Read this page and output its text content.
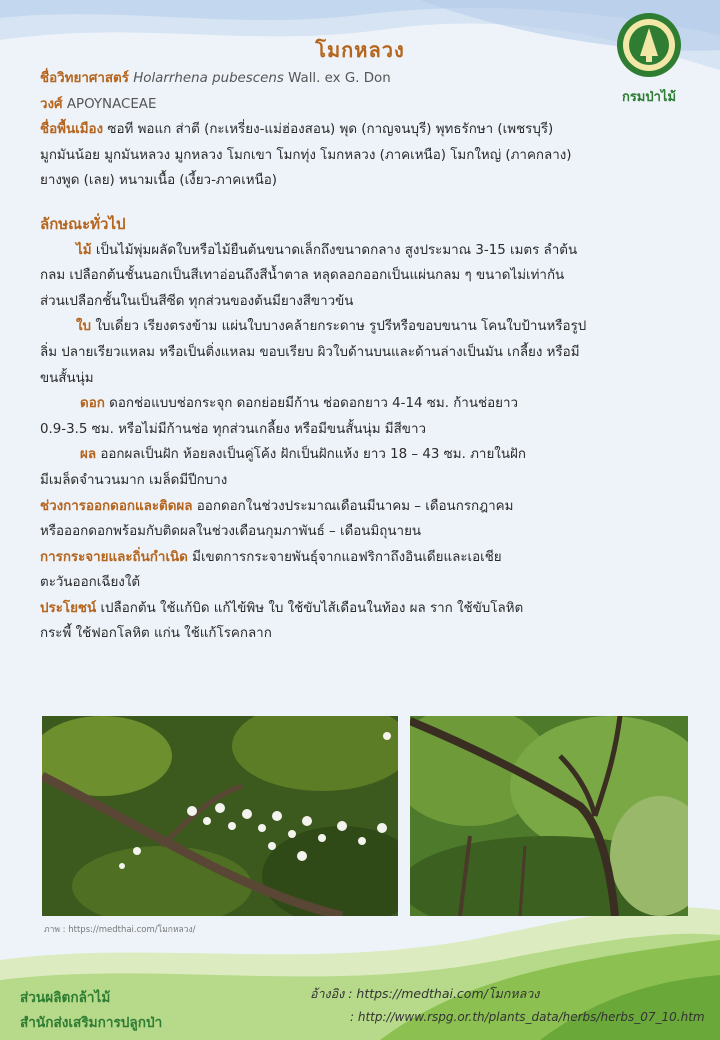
กรมป่าไม้
โมกหลวง
ชื่อวิทยาศาสตร์ Holarrhena pubescens Wall. ex G. Don
วงศ์ APOYNACEAE
ชื่อพื้นเมือง ซอที พอแก ส่าตี (กะเหรี่ยง-แม่ฮ่องสอน) พุด (กาญจนบุรี) พุทธรักษา (เพชรบุรี)
มูกมันน้อย มูกมันหลวง มูกหลวง โมกเขา โมกทุ่ง โมกหลวง (ภาคเหนือ) โมกใหญ่ (ภาคกลาง)
ยางพูด (เลย) หนามเนื้อ (เงี้ยว-ภาคเหนือ)
ลักษณะทั่วไป
ไม้ เป็นไม้พุ่มผลัดใบหรือไม้ยืนต้นขนาดเล็กถึงขนาดกลาง สูงประมาณ 3-15 เมตร ลำต้น
กลม เปลือกต้นชั้นนอกเป็นสีเทาอ่อนถึงสีน้ำตาล หลุดลอกออกเป็นแผ่นกลม ๆ ขนาดไม่เท่ากัน
ส่วนเปลือกชั้นในเป็นสีซีด ทุกส่วนของต้นมียางสีขาวข้น
ใบ ใบเดี่ยว เรียงตรงข้าม แผ่นใบบางคล้ายกระดาษ รูปรีหรือขอบขนาน โคนใบป้านหรือรูป
ลิ่ม ปลายเรียวแหลม หรือเป็นติ่งแหลม ขอบเรียบ ผิวใบด้านบนและด้านล่างเป็นมัน เกลี้ยง หรือมี
ขนสั้นนุ่ม
ดอก ดอกช่อแบบช่อกระจุก ดอกย่อยมีก้าน ช่อดอกยาว 4-14 ซม. ก้านช่อยาว
0.9-3.5 ซม. หรือไม่มีก้านช่อ ทุกส่วนเกลี้ยง หรือมีขนสั้นนุ่ม มีสีขาว
ผล ออกผลเป็นฝัก ห้อยลงเป็นคู่โค้ง ฝักเป็นฝักแห้ง ยาว 18 – 43 ซม. ภายในฝัก
มีเมล็ดจำนวนมาก เมล็ดมีปีกบาง
ช่วงการออกดอกและติดผล ออกดอกในช่วงประมาณเดือนมีนาคม – เดือนกรกฎาคม
หรือออกดอกพร้อมกับติดผลในช่วงเดือนกุมภาพันธ์ – เดือนมิถุนายน
การกระจายและถิ่นกำเนิด มีเขตการกระจายพันธุ์จากแอฟริกาถึงอินเดียและเอเชีย
ตะวันออกเฉียงใต้
ประโยชน์ เปลือกต้น ใช้แก้บิด แก้ไข้พิษ ใบ ใช้ขับไส้เดือนในท้อง ผล ราก ใช้ขับโลหิต
กระพี้ ใช้ฟอกโลหิต แก่น ใช้แก้โรคกลาก
ภาพ : https://medthai.com/โมกหลวง/
ส่วนผลิตกล้าไม้
สำนักส่งเสริมการปลูกป่า
อ้างอิง : https://medthai.com/โมกหลวง
: http://www.rspg.or.th/plants_data/herbs/herbs_07_10.htm
